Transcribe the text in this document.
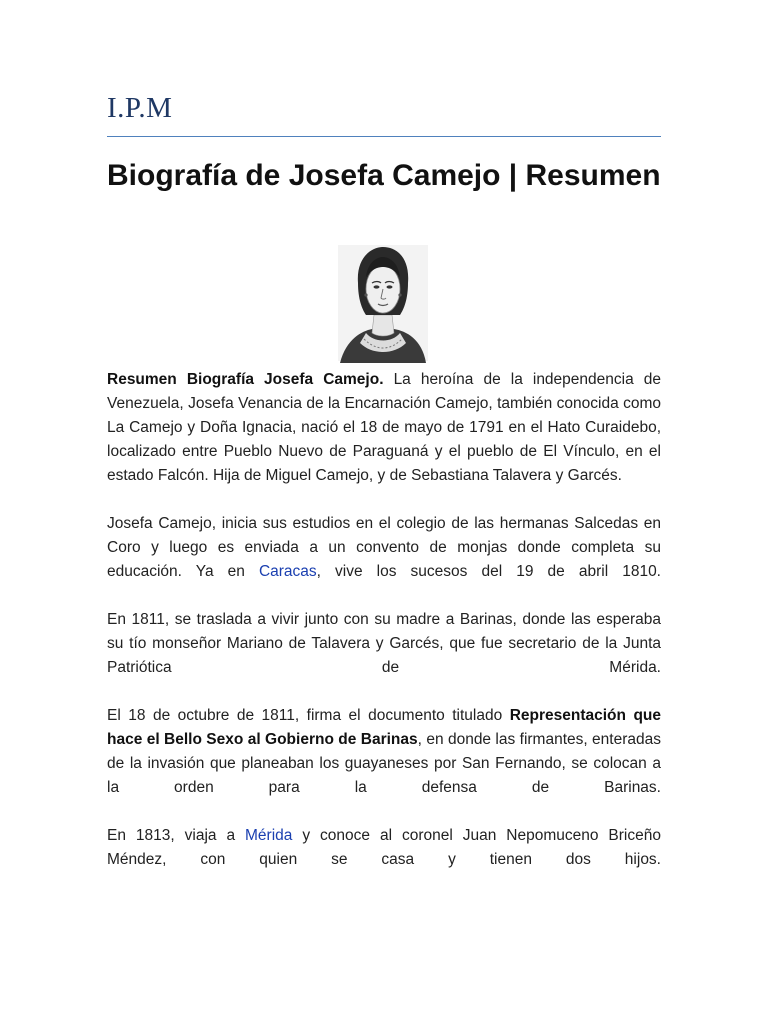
I.P.M
Biografía de Josefa Camejo | Resumen

Resumen Biografía Josefa Camejo. La heroína de la independencia de Venezuela, Josefa Venancia de la Encarnación Camejo, también conocida como La Camejo y Doña Ignacia, nació el 18 de mayo de 1791 en el Hato Curaidebo, localizado entre Pueblo Nuevo de Paraguaná y el pueblo de El Vínculo, en el estado Falcón. Hija de Miguel Camejo, y de Sebastiana Talavera y Garcés.

Josefa Camejo, inicia sus estudios en el colegio de las hermanas Salcedas en Coro y luego es enviada a un convento de monjas donde completa su educación. Ya en Caracas, vive los sucesos del 19 de abril 1810.

En 1811, se traslada a vivir junto con su madre a Barinas, donde las esperaba su tío monseñor Mariano de Talavera y Garcés, que fue secretario de la Junta Patriótica de Mérida.

El 18 de octubre de 1811, firma el documento titulado Representación que hace el Bello Sexo al Gobierno de Barinas, en donde las firmantes, enteradas de la invasión que planeaban los guayaneses por San Fernando, se colocan a la orden para la defensa de Barinas.

En 1813, viaja a Mérida y conoce al coronel Juan Nepomuceno Briceño Méndez, con quien se casa y tienen dos hijos.
